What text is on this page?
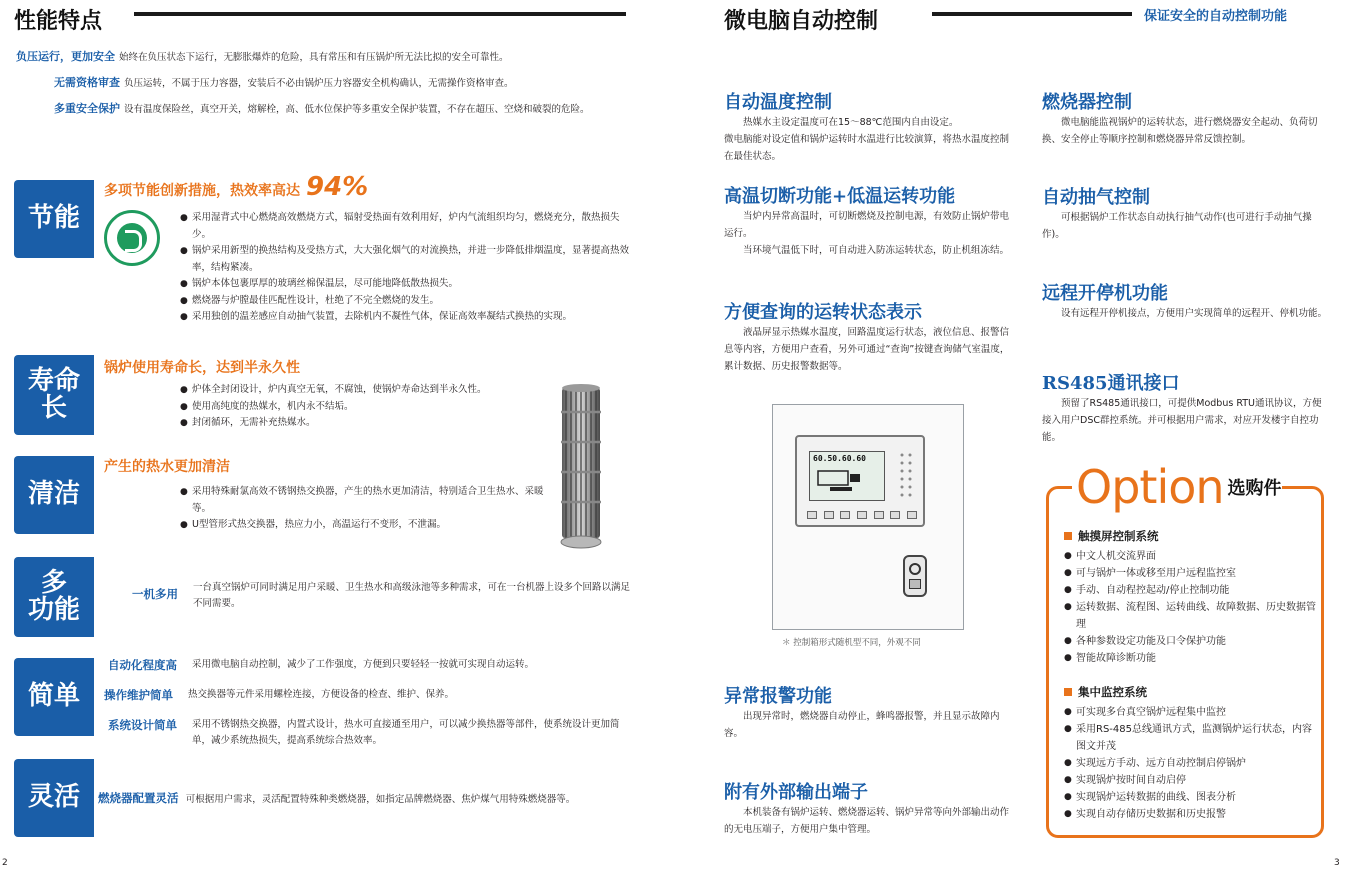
性能特点
负压运行，更加安全 始终在负压状态下运行，无膨胀爆炸的危险，具有常压和有压锅炉所无法比拟的安全可靠性。
无需资格审查 负压运转，不属于压力容器，安装后不必由锅炉压力容器安全机构确认，无需操作资格审查。
多重安全保护 设有温度保险丝，真空开关，熔解栓，高、低水位保护等多重安全保护装置，不存在超压、空烧和破裂的危险。
节能
多项节能创新措施，热效率高达 94%
● 采用湿背式中心燃烧高效燃烧方式，辐射受热面有效利用好，炉内气流组织均匀，燃烧充分，散热损失少。
● 锅炉采用新型的换热结构及受热方式，大大强化烟气的对流换热，并进一步降低排烟温度，显著提高热效率，结构紧凑。
● 锅炉本体包裹厚厚的玻璃丝棉保温层，尽可能地降低散热损失。
● 燃烧器与炉膛最佳匹配性设计，杜绝了不完全燃烧的发生。
● 采用独创的温差感应自动抽气装置，去除机内不凝性气体，保证高效率凝结式换热的实现。
寿命
长
锅炉使用寿命长，达到半永久性
● 炉体全封闭设计，炉内真空无氧，不腐蚀，使锅炉寿命达到半永久性。
● 使用高纯度的热媒水，机内永不结垢。
● 封闭循环，无需补充热媒水。
清洁
产生的热水更加清洁
● 采用特殊耐氯高效不锈钢热交换器，产生的热水更加清洁，特别适合卫生热水、采暖等。
● U型管形式热交换器，热应力小，高温运行不变形，不泄漏。
多
功能
一机多用 一台真空锅炉可同时满足用户采暖、卫生热水和高级泳池等多种需求，可在一台机器上设多个回路以满足不同需要。
简单
自动化程度高	采用微电脑自动控制，减少了工作强度，方便到只要轻轻一按就可实现自动运转。
操作维护简单	热交换器等元件采用螺栓连接，方便设备的检查、维护、保养。
系统设计简单	采用不锈钢热交换器，内置式设计，热水可直接通至用户，可以减少换热器等部件，使系统设计更加简单，减少系统热损失，提高系统综合热效率。
灵活 燃烧器配置灵活 可根据用户需求，灵活配置特殊种类燃烧器，如指定品牌燃烧器、焦炉煤气用特殊燃烧器等。
2
微电脑自动控制	保证安全的自动控制功能
自动温度控制
热媒水主设定温度可在15～88℃范围内自由设定。
微电脑能对设定值和锅炉运转时水温进行比较演算，将热水温度控制在最佳状态。
高温切断功能+低温运转功能
当炉内异常高温时，可切断燃烧及控制电源，有效防止锅炉带电运行。
当环境气温低下时，可自动进入防冻运转状态，防止机组冻结。
方便查询的运转状态表示
液晶屏显示热媒水温度，回路温度运行状态，液位信息、报警信息等内容，方便用户查看，另外可通过“查询”按键查询储气室温度，累计数据、历史报警数据等。
60.50.60.60
＊ 控制箱形式随机型不同，外观不同
异常报警功能
出现异常时，燃烧器自动停止，蜂鸣器报警，并且显示故障内容。
附有外部输出端子
本机装备有锅炉运转、燃烧器运转、锅炉异常等向外部输出动作的无电压端子，方便用户集中管理。
燃烧器控制
微电脑能监视锅炉的运转状态，进行燃烧器安全起动、负荷切换、安全停止等顺序控制和燃烧器异常反馈控制。
自动抽气控制
可根据锅炉工作状态自动执行抽气动作(也可进行手动抽气操作)。
远程开停机功能
设有远程开停机接点，方便用户实现简单的远程开、停机功能。
RS485通讯接口
预留了RS485通讯接口，可提供Modbus RTU通讯协议，方便接入用户DSC群控系统。并可根据用户需求，对应开发楼宇自控功能。
Option 选购件
触摸屏控制系统
● 中文人机交流界面
● 可与锅炉一体或移至用户远程监控室
● 手动、自动程控起动/停止控制功能
● 运转数据、流程图、运转曲线、故障数据、历史数据管理
● 各种参数设定功能及口令保护功能
● 智能故障诊断功能
集中监控系统
● 可实现多台真空锅炉远程集中监控
● 采用RS-485总线通讯方式，监测锅炉运行状态，内容图文并茂
● 实现远方手动、远方自动控制启停锅炉
● 实现锅炉按时间自动启停
● 实现锅炉运转数据的曲线、图表分析
● 实现自动存储历史数据和历史报警
3
